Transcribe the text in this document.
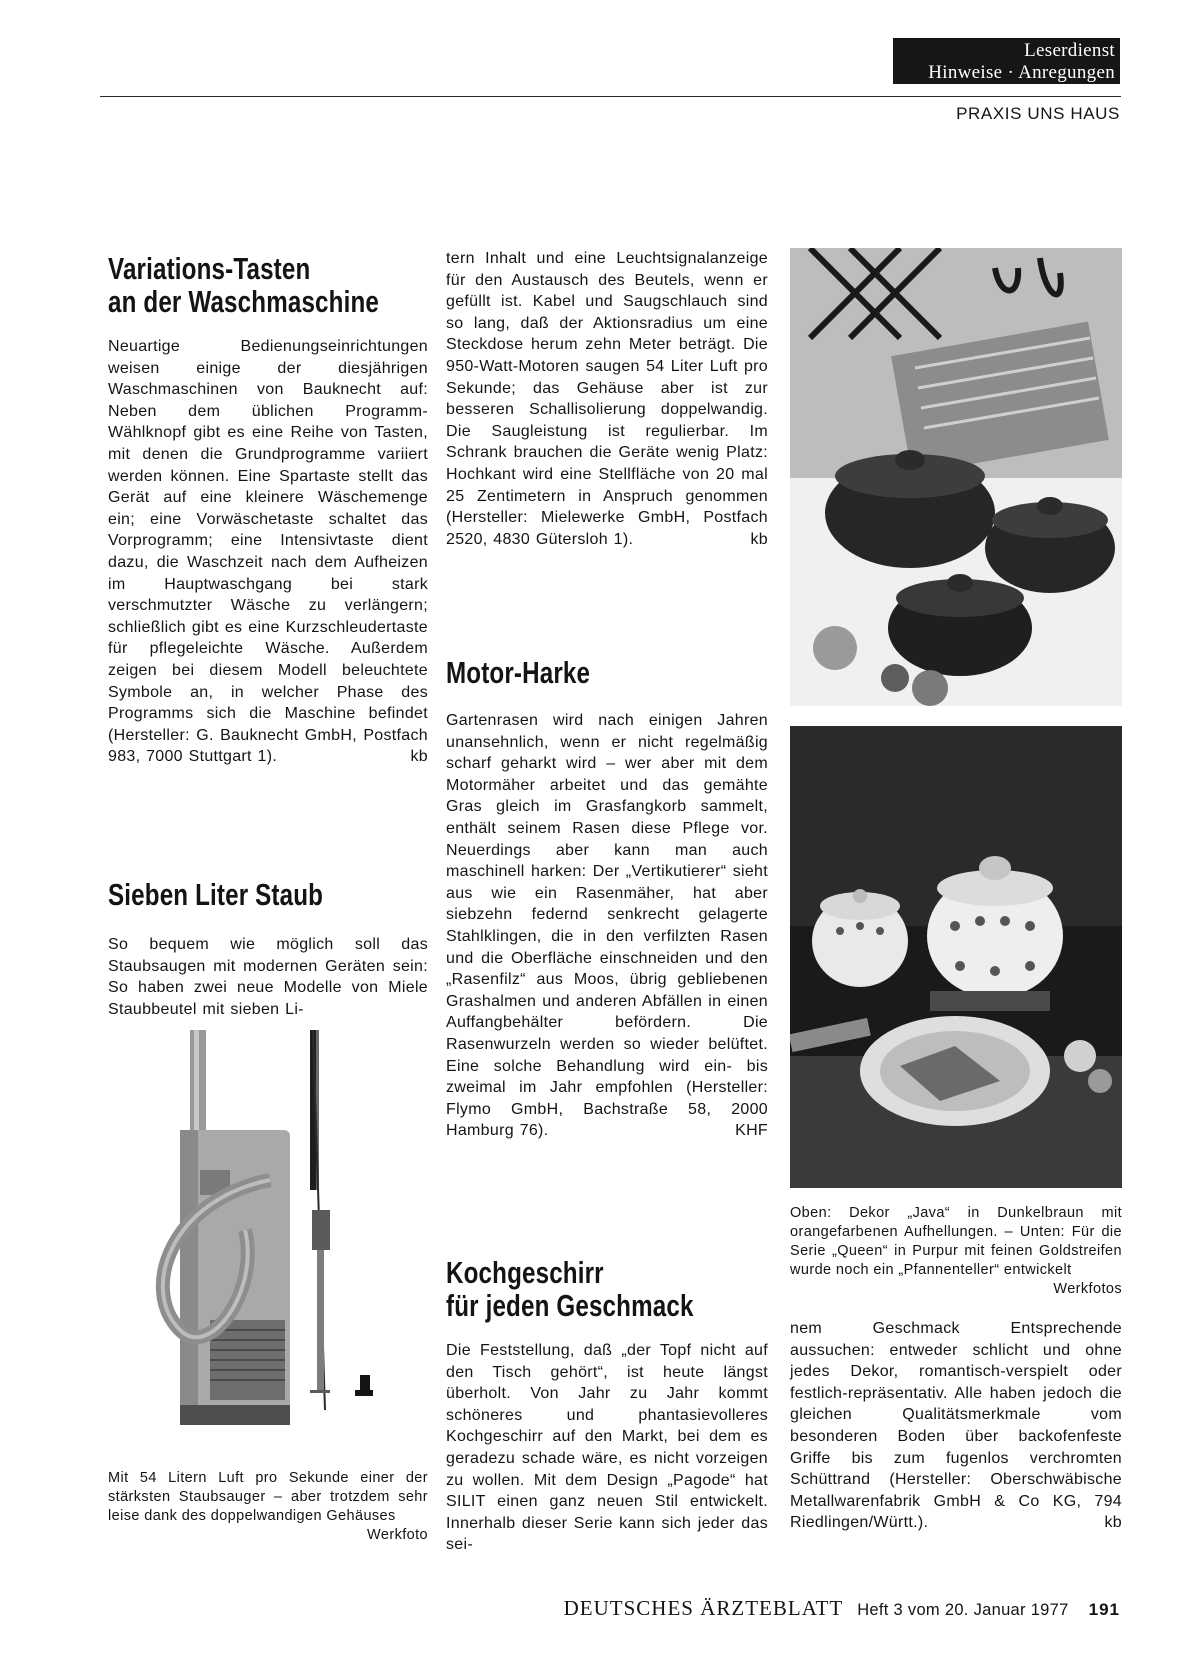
Leserdienst
Hinweise · Anregungen
PRAXIS UNS HAUS
Variations-Tasten
an der Waschmaschine
Neuartige Bedienungseinrichtungen weisen einige der diesjährigen Waschmaschinen von Bauknecht auf: Neben dem üblichen Programm-Wählknopf gibt es eine Reihe von Tasten, mit denen die Grundprogramme variiert werden können. Eine Spartaste stellt das Gerät auf eine kleinere Wäschemenge ein; eine Vorwäschetaste schaltet das Vorprogramm; eine Intensivtaste dient dazu, die Waschzeit nach dem Aufheizen im Hauptwaschgang bei stark verschmutzter Wäsche zu verlängern; schließlich gibt es eine Kurzschleudertaste für pflegeleichte Wäsche. Außerdem zeigen bei diesem Modell beleuchtete Symbole an, in welcher Phase des Programms sich die Maschine befindet (Hersteller: G. Bauknecht GmbH, Postfach 983, 7000 Stuttgart 1).	kb
Sieben Liter Staub
So bequem wie möglich soll das Staubsaugen mit modernen Geräten sein: So haben zwei neue Modelle von Miele Staubbeutel mit sieben Li-
Mit 54 Litern Luft pro Sekunde einer der stärksten Staubsauger – aber trotzdem sehr leise dank des doppelwandigen Gehäuses
Werkfoto
tern Inhalt und eine Leuchtsignalanzeige für den Austausch des Beutels, wenn er gefüllt ist. Kabel und Saugschlauch sind so lang, daß der Aktionsradius um eine Steckdose herum zehn Meter beträgt. Die 950-Watt-Motoren saugen 54 Liter Luft pro Sekunde; das Gehäuse aber ist zur besseren Schallisolierung doppelwandig. Die Saugleistung ist regulierbar. Im Schrank brauchen die Geräte wenig Platz: Hochkant wird eine Stellfläche von 20 mal 25 Zentimetern in Anspruch genommen (Hersteller: Mielewerke GmbH, Postfach 2520, 4830 Gütersloh 1).	kb
Motor-Harke
Gartenrasen wird nach einigen Jahren unansehnlich, wenn er nicht regelmäßig scharf geharkt wird – wer aber mit dem Motormäher arbeitet und das gemähte Gras gleich im Grasfangkorb sammelt, enthält seinem Rasen diese Pflege vor. Neuerdings aber kann man auch maschinell harken: Der „Vertikutierer“ sieht aus wie ein Rasenmäher, hat aber siebzehn federnd senkrecht gelagerte Stahlklingen, die in den verfilzten Rasen und die Oberfläche einschneiden und den „Rasenfilz“ aus Moos, übrig gebliebenen Grashalmen und anderen Abfällen in einen Auffangbehälter befördern. Die Rasenwurzeln werden so wieder belüftet. Eine solche Behandlung wird ein- bis zweimal im Jahr empfohlen (Hersteller: Flymo GmbH, Bachstraße 58, 2000 Hamburg 76).	KHF
Kochgeschirr
für jeden Geschmack
Die Feststellung, daß „der Topf nicht auf den Tisch gehört“, ist heute längst überholt. Von Jahr zu Jahr kommt schöneres und phantasievolleres Kochgeschirr auf den Markt, bei dem es geradezu schade wäre, es nicht vorzeigen zu wollen. Mit dem Design „Pagode“ hat SILIT einen ganz neuen Stil entwickelt. Innerhalb dieser Serie kann sich jeder das sei-
Oben: Dekor „Java“ in Dunkelbraun mit orangefarbenen Aufhellungen. – Unten: Für die Serie „Queen“ in Purpur mit feinen Goldstreifen wurde noch ein „Pfannenteller“ entwickelt
Werkfotos
nem Geschmack Entsprechende aussuchen: entweder schlicht und ohne jedes Dekor, romantisch-verspielt oder festlich-repräsentativ. Alle haben jedoch die gleichen Qualitätsmerkmale vom besonderen Boden über backofenfeste Griffe bis zum fugenlos verchromten Schüttrand (Hersteller: Oberschwäbische Metallwarenfabrik GmbH & Co KG, 794 Riedlingen/Württ.).	kb
DEUTSCHES ÄRZTEBLATT Heft 3 vom 20. Januar 1977 191
